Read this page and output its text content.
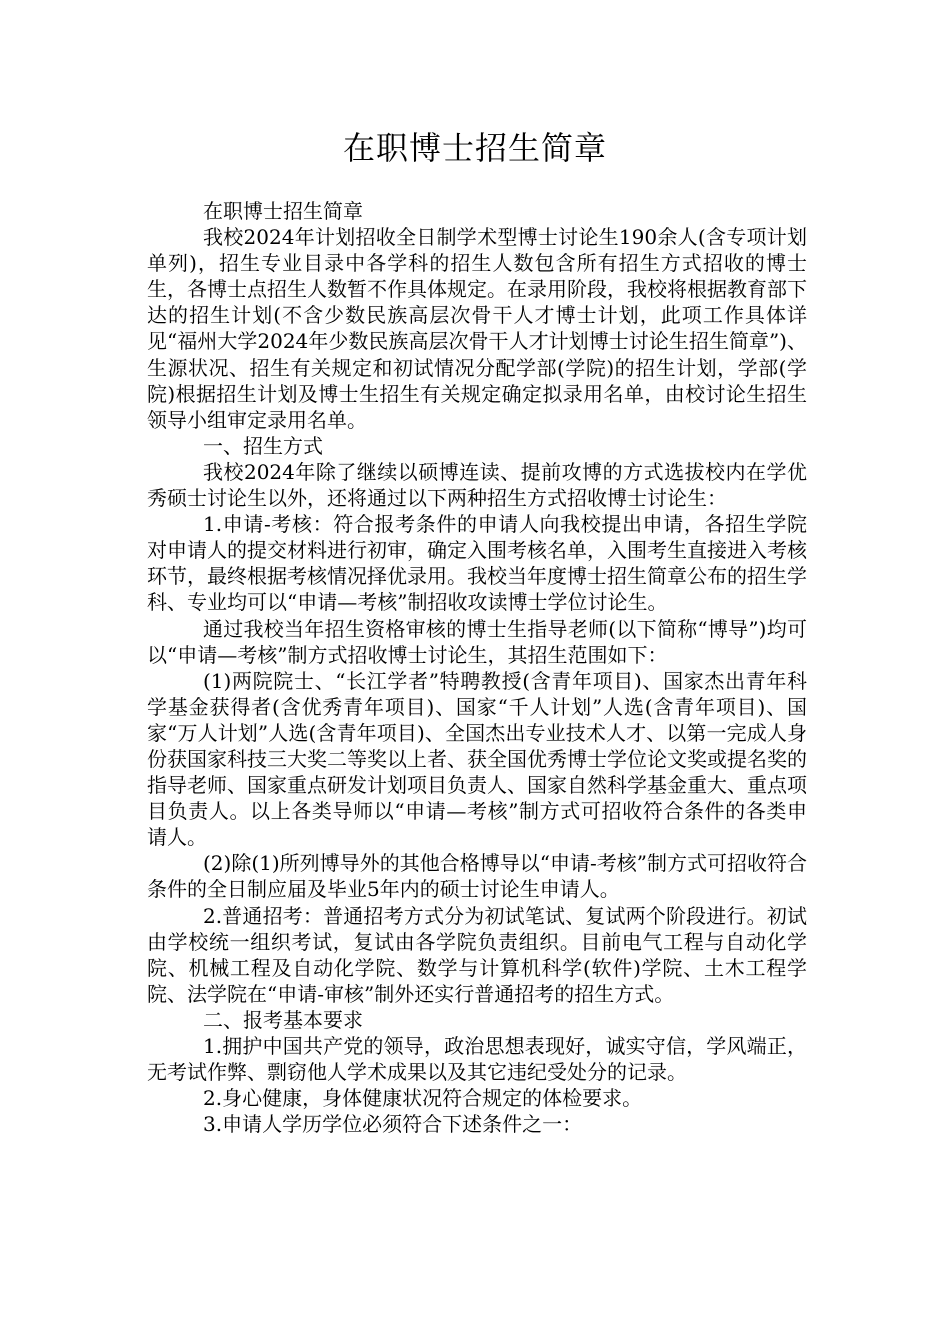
在职博士招生简章

在职博士招生简章

我校2024年计划招收全日制学术型博士讨论生190余人(含专项计划单列)，招生专业目录中各学科的招生人数包含所有招生方式招收的博士生，各博士点招生人数暂不作具体规定。在录用阶段，我校将根据教育部下达的招生计划(不含少数民族高层次骨干人才博士计划，此项工作具体详见“福州大学2024年少数民族高层次骨干人才计划博士讨论生招生简章”)、生源状况、招生有关规定和初试情况分配学部(学院)的招生计划，学部(学院)根据招生计划及博士生招生有关规定确定拟录用名单，由校讨论生招生领导小组审定录用名单。

一、招生方式

我校2024年除了继续以硕博连读、提前攻博的方式选拔校内在学优秀硕士讨论生以外，还将通过以下两种招生方式招收博士讨论生：

1.申请-考核：符合报考条件的申请人向我校提出申请，各招生学院对申请人的提交材料进行初审，确定入围考核名单，入围考生直接进入考核环节，最终根据考核情况择优录用。我校当年度博士招生简章公布的招生学科、专业均可以“申请—考核”制招收攻读博士学位讨论生。

通过我校当年招生资格审核的博士生指导老师(以下简称“博导”)均可以“申请—考核”制方式招收博士讨论生，其招生范围如下：

(1)两院院士、“长江学者”特聘教授(含青年项目)、国家杰出青年科学基金获得者(含优秀青年项目)、国家“千人计划”人选(含青年项目)、国家“万人计划”人选(含青年项目)、全国杰出专业技术人才、以第一完成人身份获国家科技三大奖二等奖以上者、获全国优秀博士学位论文奖或提名奖的指导老师、国家重点研发计划项目负责人、国家自然科学基金重大、重点项目负责人。以上各类导师以“申请—考核”制方式可招收符合条件的各类申请人。

(2)除(1)所列博导外的其他合格博导以“申请-考核”制方式可招收符合条件的全日制应届及毕业5年内的硕士讨论生申请人。

2.普通招考：普通招考方式分为初试笔试、复试两个阶段进行。初试由学校统一组织考试，复试由各学院负责组织。目前电气工程与自动化学院、机械工程及自动化学院、数学与计算机科学(软件)学院、土木工程学院、法学院在“申请-审核”制外还实行普通招考的招生方式。

二、报考基本要求

1.拥护中国共产党的领导，政治思想表现好，诚实守信，学风端正，无考试作弊、剽窃他人学术成果以及其它违纪受处分的记录。

2.身心健康，身体健康状况符合规定的体检要求。

3.申请人学历学位必须符合下述条件之一：
